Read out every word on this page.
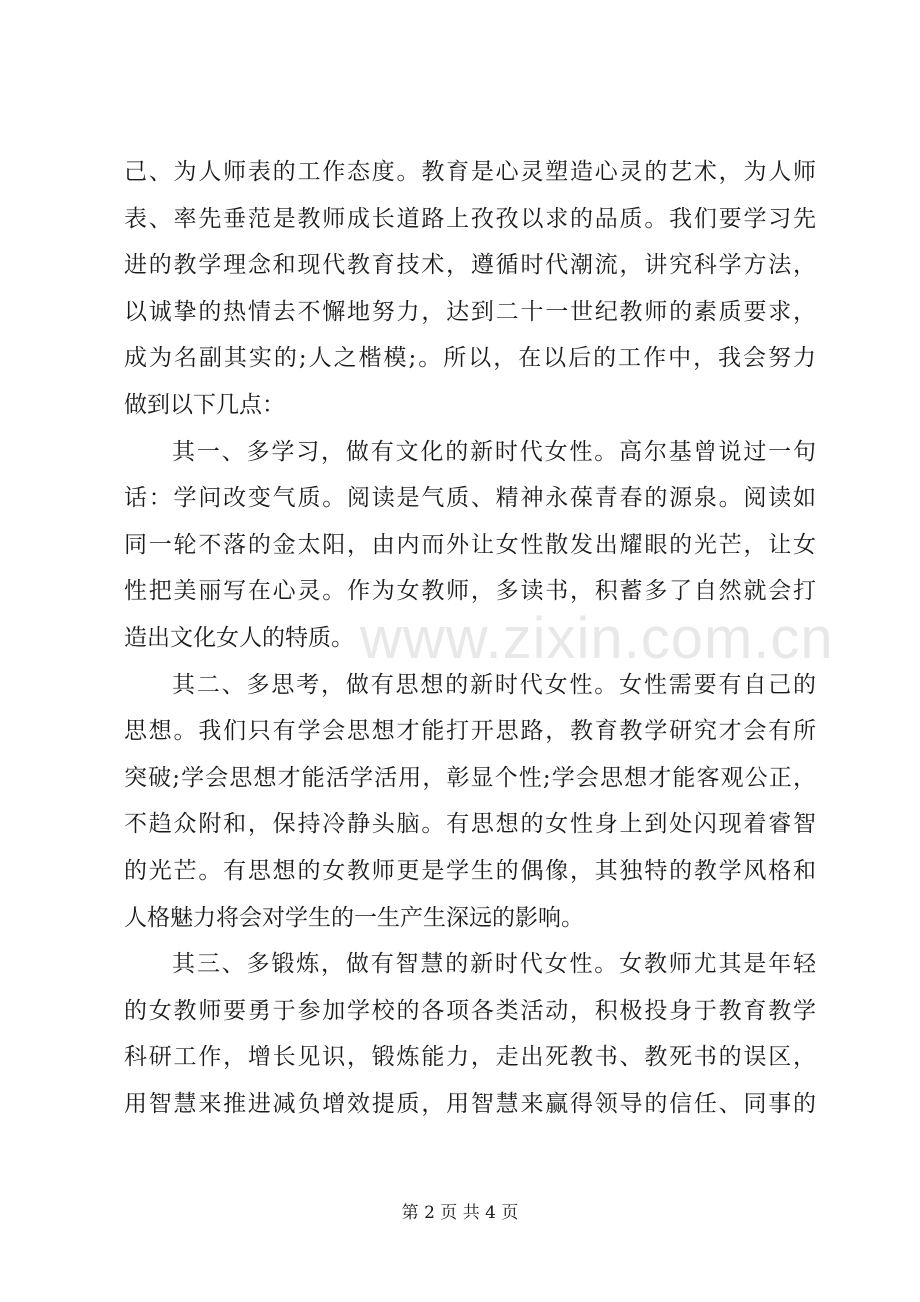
己、为人师表的工作态度。教育是心灵塑造心灵的艺术，为人师
表、率先垂范是教师成长道路上孜孜以求的品质。我们要学习先
进的教学理念和现代教育技术，遵循时代潮流，讲究科学方法，
以诚挚的热情去不懈地努力，达到二十一世纪教师的素质要求，
成为名副其实的;人之楷模;。所以，在以后的工作中，我会努力
做到以下几点：
其一、多学习，做有文化的新时代女性。高尔基曾说过一句
话：学问改变气质。阅读是气质、精神永葆青春的源泉。阅读如
同一轮不落的金太阳，由内而外让女性散发出耀眼的光芒，让女
性把美丽写在心灵。作为女教师，多读书，积蓄多了自然就会打
造出文化女人的特质。
其二、多思考，做有思想的新时代女性。女性需要有自己的
思想。我们只有学会思想才能打开思路，教育教学研究才会有所
突破;学会思想才能活学活用，彰显个性;学会思想才能客观公正，
不趋众附和，保持冷静头脑。有思想的女性身上到处闪现着睿智
的光芒。有思想的女教师更是学生的偶像，其独特的教学风格和
人格魅力将会对学生的一生产生深远的影响。
其三、多锻炼，做有智慧的新时代女性。女教师尤其是年轻
的女教师要勇于参加学校的各项各类活动，积极投身于教育教学
科研工作，增长见识，锻炼能力，走出死教书、教死书的误区，
用智慧来推进减负增效提质，用智慧来赢得领导的信任、同事的
www.zixin.com.cn
第 2 页 共 4 页
